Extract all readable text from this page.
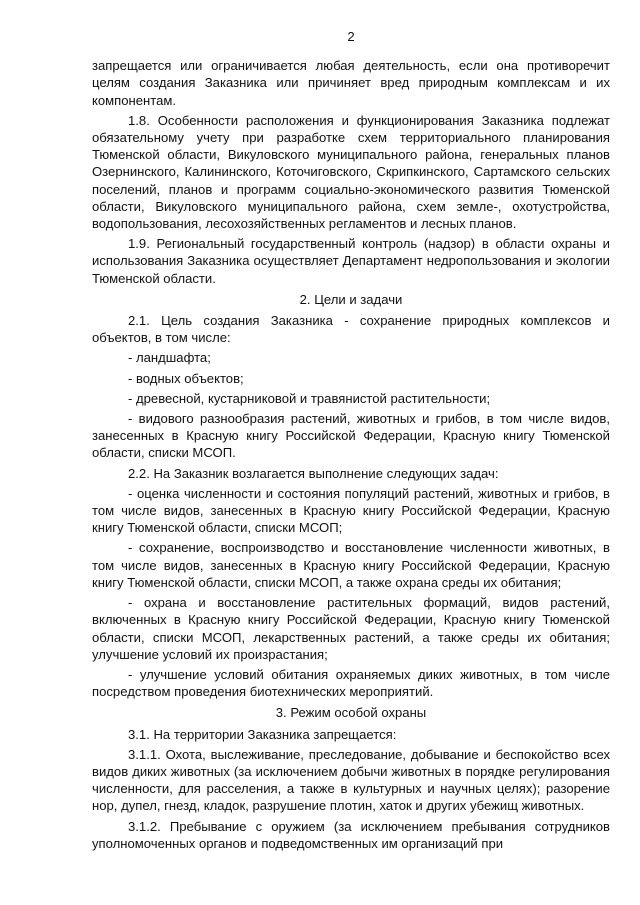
2

запрещается или ограничивается любая деятельность, если она противоречит целям создания Заказника или причиняет вред природным комплексам и их компонентам.

1.8. Особенности расположения и функционирования Заказника подлежат обязательному учету при разработке схем территориального планирования Тюменской области, Викуловского муниципального района, генеральных планов Озернинского, Калининского, Коточиговского, Скрипкинского, Сартамского сельских поселений, планов и программ социально-экономического развития Тюменской области, Викуловского муниципального района, схем земле-, охотустройства, водопользования, лесохозяйственных регламентов и лесных планов.

1.9. Региональный государственный контроль (надзор) в области охраны и использования Заказника осуществляет Департамент недропользования и экологии Тюменской области.

2. Цели и задачи

2.1. Цель создания Заказника - сохранение природных комплексов и объектов, в том числе:

- ландшафта;

- водных объектов;

- древесной, кустарниковой и травянистой растительности;

- видового разнообразия растений, животных и грибов, в том числе видов, занесенных в Красную книгу Российской Федерации, Красную книгу Тюменской области, списки МСОП.

2.2. На Заказник возлагается выполнение следующих задач:

- оценка численности и состояния популяций растений, животных и грибов, в том числе видов, занесенных в Красную книгу Российской Федерации, Красную книгу Тюменской области, списки МСОП;

- сохранение, воспроизводство и восстановление численности животных, в том числе видов, занесенных в Красную книгу Российской Федерации, Красную книгу Тюменской области, списки МСОП, а также охрана среды их обитания;

- охрана и восстановление растительных формаций, видов растений, включенных в Красную книгу Российской Федерации, Красную книгу Тюменской области, списки МСОП, лекарственных растений, а также среды их обитания; улучшение условий их произрастания;

- улучшение условий обитания охраняемых диких животных, в том числе посредством проведения биотехнических мероприятий.

3. Режим особой охраны

3.1. На территории Заказника запрещается:

3.1.1. Охота, выслеживание, преследование, добывание и беспокойство всех видов диких животных (за исключением добычи животных в порядке регулирования численности, для расселения, а также в культурных и научных целях); разорение нор, дупел, гнезд, кладок, разрушение плотин, хаток и других убежищ животных.

3.1.2. Пребывание с оружием (за исключением пребывания сотрудников уполномоченных органов и подведомственных им организаций при
